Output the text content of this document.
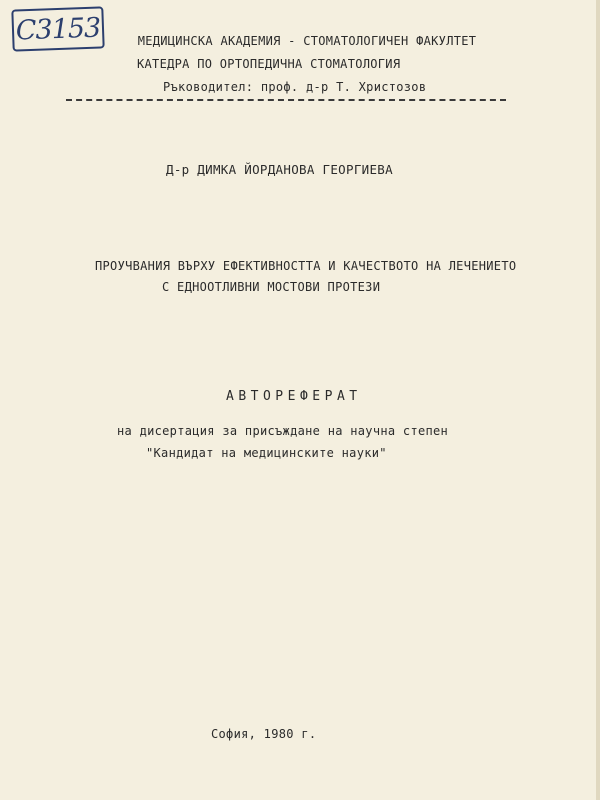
С3153	МЕДИЦИНСКА АКАДЕМИЯ - СТОМАТОЛОГИЧЕН ФАКУЛТЕТ
КАТЕДРА ПО ОРТОПЕДИЧНА СТОМАТОЛОГИЯ
Ръководител: проф. д-р Т. Христозов
Д-р ДИМКА ЙОРДАНОВА ГЕОРГИЕВА
ПРОУЧВАНИЯ ВЪРХУ ЕФЕКТИВНОСТТА И КАЧЕСТВОТО НА ЛЕЧЕНИЕТО
С ЕДНООТЛИВНИ МОСТОВИ ПРОТЕЗИ
АВТОРЕФЕРАТ
на дисертация за присъждане на научна степен
"Кандидат на медицинските науки"
София, 1980 г.
